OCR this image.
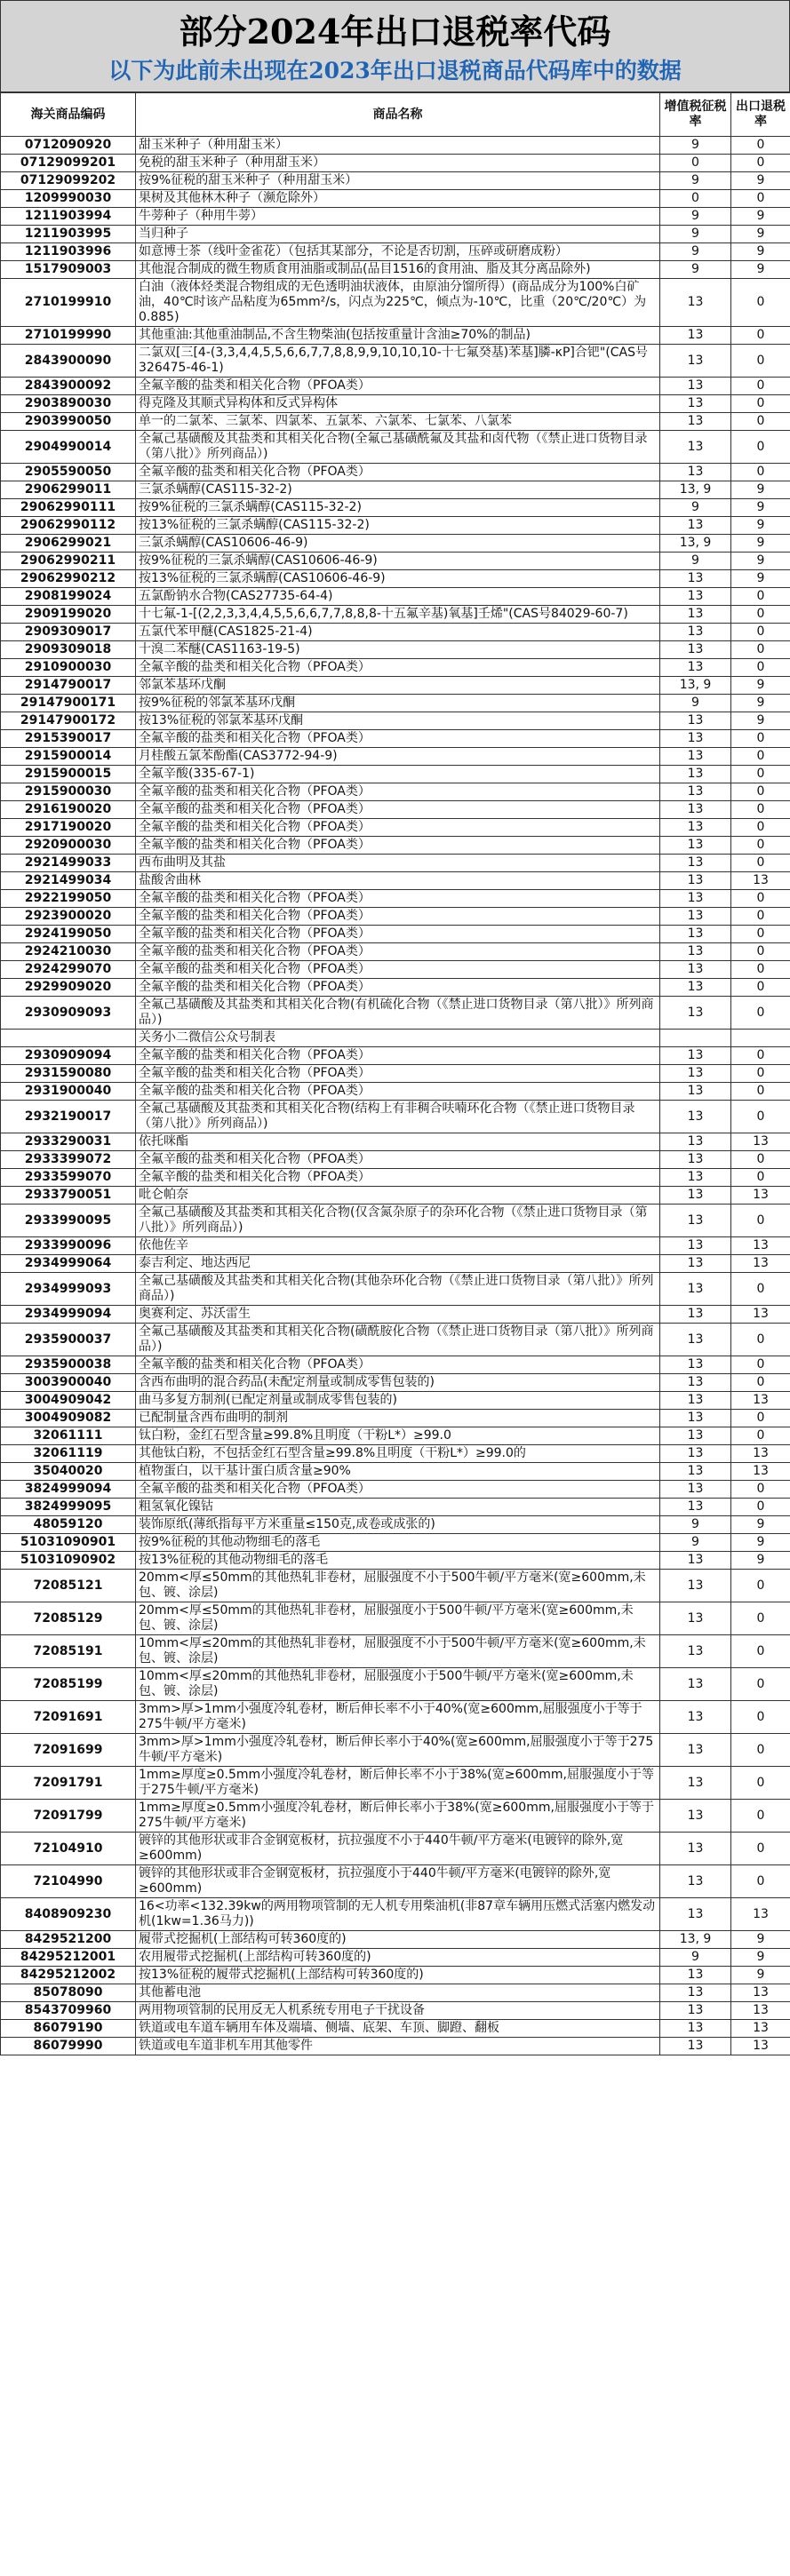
部分2024年出口退税率代码
以下为此前未出现在2023年出口退税商品代码库中的数据
海关商品编码	商品名称	增值税征税率	出口退税率
0712090920	甜玉米种子（种用甜玉米）	9	0
07129099201	免税的甜玉米种子（种用甜玉米）	0	0
07129099202	按9%征税的甜玉米种子（种用甜玉米）	9	9
1209990030	果树及其他林木种子（濒危除外）	0	0
1211903994	牛蒡种子（种用牛蒡）	9	9
1211903995	当归种子	9	9
1211903996	如意博士茶（线叶金雀花）（包括其某部分，不论是否切割，压碎或研磨成粉）	9	9
1517909003	其他混合制成的微生物质食用油脂或制品(品目1516的食用油、脂及其分离品除外)	9	9
2710199910	白油（液体烃类混合物组成的无色透明油状液体，由原油分馏所得）(商品成分为100%白矿油，40℃时该产品粘度为65mm²/s，闪点为225℃，倾点为-10℃，比重（20℃/20℃）为0.885)	13	0
2710199990	其他重油:其他重油制品,不含生物柴油(包括按重量计含油≥70%的制品)	13	0
2843900090	二氯双[三[4-(3,3,4,4,5,5,6,6,7,7,8,8,9,9,10,10,10-十七氟癸基)苯基]膦-κP]合钯"(CAS号326475-46-1)	13	0
2843900092	全氟辛酸的盐类和相关化合物（PFOA类）	13	0
2903890030	得克隆及其顺式异构体和反式异构体	13	0
2903990050	单一的二氯苯、三氯苯、四氯苯、五氯苯、六氯苯、七氯苯、八氯苯	13	0
2904990014	全氟己基磺酸及其盐类和其相关化合物(全氟己基磺酰氟及其盐和卤代物（《禁止进口货物目录（第八批）》所列商品）)	13	0
2905590050	全氟辛酸的盐类和相关化合物（PFOA类）	13	0
2906299011	三氯杀螨醇(CAS115-32-2)	13, 9	9
29062990111	按9%征税的三氯杀螨醇(CAS115-32-2)	9	9
29062990112	按13%征税的三氯杀螨醇(CAS115-32-2)	13	9
2906299021	三氯杀螨醇(CAS10606-46-9)	13, 9	9
29062990211	按9%征税的三氯杀螨醇(CAS10606-46-9)	9	9
29062990212	按13%征税的三氯杀螨醇(CAS10606-46-9)	13	9
2908199024	五氯酚钠水合物(CAS27735-64-4)	13	0
2909199020	十七氟-1-[(2,2,3,3,4,4,5,5,6,6,7,7,8,8,8-十五氟辛基)氧基]壬烯"(CAS号84029-60-7)	13	0
2909309017	五氯代苯甲醚(CAS1825-21-4)	13	0
2909309018	十溴二苯醚(CAS1163-19-5)	13	0
2910900030	全氟辛酸的盐类和相关化合物（PFOA类）	13	0
2914790017	邻氯苯基环戊酮	13, 9	9
29147900171	按9%征税的邻氯苯基环戊酮	9	9
29147900172	按13%征税的邻氯苯基环戊酮	13	9
2915390017	全氟辛酸的盐类和相关化合物（PFOA类）	13	0
2915900014	月桂酸五氯苯酚酯(CAS3772-94-9)	13	0
2915900015	全氟辛酸(335-67-1)	13	0
2915900030	全氟辛酸的盐类和相关化合物（PFOA类）	13	0
2916190020	全氟辛酸的盐类和相关化合物（PFOA类）	13	0
2917190020	全氟辛酸的盐类和相关化合物（PFOA类）	13	0
2920900030	全氟辛酸的盐类和相关化合物（PFOA类）	13	0
2921499033	西布曲明及其盐	13	0
2921499034	盐酸舍曲林	13	13
2922199050	全氟辛酸的盐类和相关化合物（PFOA类）	13	0
2923900020	全氟辛酸的盐类和相关化合物（PFOA类）	13	0
2924199050	全氟辛酸的盐类和相关化合物（PFOA类）	13	0
2924210030	全氟辛酸的盐类和相关化合物（PFOA类）	13	0
2924299070	全氟辛酸的盐类和相关化合物（PFOA类）	13	0
2929909020	全氟辛酸的盐类和相关化合物（PFOA类）	13	0
2930909093	全氟己基磺酸及其盐类和其相关化合物(有机硫化合物（《禁止进口货物目录（第八批）》所列商品）)	13	0
	关务小二微信公众号制表		
2930909094	全氟辛酸的盐类和相关化合物（PFOA类）	13	0
2931590080	全氟辛酸的盐类和相关化合物（PFOA类）	13	0
2931900040	全氟辛酸的盐类和相关化合物（PFOA类）	13	0
2932190017	全氟己基磺酸及其盐类和其相关化合物(结构上有非稠合呋喃环化合物（《禁止进口货物目录（第八批）》所列商品）)	13	0
2933290031	依托咪酯	13	13
2933399072	全氟辛酸的盐类和相关化合物（PFOA类）	13	0
2933599070	全氟辛酸的盐类和相关化合物（PFOA类）	13	0
2933790051	吡仑帕奈	13	13
2933990095	全氟己基磺酸及其盐类和其相关化合物(仅含氮杂原子的杂环化合物（《禁止进口货物目录（第八批）》所列商品）)	13	0
2933990096	依他佐辛	13	13
2934999064	泰吉利定、地达西尼	13	13
2934999093	全氟己基磺酸及其盐类和其相关化合物(其他杂环化合物（《禁止进口货物目录（第八批）》所列商品）)	13	0
2934999094	奥赛利定、苏沃雷生	13	13
2935900037	全氟己基磺酸及其盐类和其相关化合物(磺酰胺化合物（《禁止进口货物目录（第八批）》所列商品）)	13	0
2935900038	全氟辛酸的盐类和相关化合物（PFOA类）	13	0
3003900040	含西布曲明的混合药品(未配定剂量或制成零售包装的)	13	0
3004909042	曲马多复方制剂(已配定剂量或制成零售包装的)	13	13
3004909082	已配制量含西布曲明的制剂	13	0
32061111	钛白粉，金红石型含量≥99.8%且明度（干粉L*）≥99.0	13	0
32061119	其他钛白粉，不包括金红石型含量≥99.8%且明度（干粉L*）≥99.0的	13	13
35040020	植物蛋白，以干基计蛋白质含量≥90%	13	13
3824999094	全氟辛酸的盐类和相关化合物（PFOA类）	13	0
3824999095	粗氢氧化镍钴	13	0
48059120	装饰原纸(薄纸指每平方米重量≤150克,成卷或成张的)	9	9
51031090901	按9%征税的其他动物细毛的落毛	9	9
51031090902	按13%征税的其他动物细毛的落毛	13	9
72085121	20mm<厚≤50mm的其他热轧非卷材，屈服强度不小于500牛顿/平方毫米(宽≥600mm,未包、镀、涂层)	13	0
72085129	20mm<厚≤50mm的其他热轧非卷材，屈服强度小于500牛顿/平方毫米(宽≥600mm,未包、镀、涂层)	13	0
72085191	10mm<厚≤20mm的其他热轧非卷材，屈服强度不小于500牛顿/平方毫米(宽≥600mm,未包、镀、涂层)	13	0
72085199	10mm<厚≤20mm的其他热轧非卷材，屈服强度小于500牛顿/平方毫米(宽≥600mm,未包、镀、涂层)	13	0
72091691	3mm>厚>1mm小强度冷轧卷材，断后伸长率不小于40%(宽≥600mm,屈服强度小于等于275牛顿/平方毫米)	13	0
72091699	3mm>厚>1mm小强度冷轧卷材，断后伸长率小于40%(宽≥600mm,屈服强度小于等于275牛顿/平方毫米)	13	0
72091791	1mm≥厚度≥0.5mm小强度冷轧卷材，断后伸长率不小于38%(宽≥600mm,屈服强度小于等于275牛顿/平方毫米)	13	0
72091799	1mm≥厚度≥0.5mm小强度冷轧卷材，断后伸长率小于38%(宽≥600mm,屈服强度小于等于275牛顿/平方毫米)	13	0
72104910	镀锌的其他形状或非合金钢宽板材，抗拉强度不小于440牛顿/平方毫米(电镀锌的除外,宽≥600mm)	13	0
72104990	镀锌的其他形状或非合金钢宽板材，抗拉强度小于440牛顿/平方毫米(电镀锌的除外,宽≥600mm)	13	0
8408909230	16<功率<132.39kw的两用物项管制的无人机专用柴油机(非87章车辆用压燃式活塞内燃发动机(1kw=1.36马力))	13	13
8429521200	履带式挖掘机(上部结构可转360度的)	13, 9	9
84295212001	农用履带式挖掘机(上部结构可转360度的)	9	9
84295212002	按13%征税的履带式挖掘机(上部结构可转360度的)	13	9
85078090	其他蓄电池	13	13
8543709960	两用物项管制的民用反无人机系统专用电子干扰设备	13	13
86079190	铁道或电车道车辆用车体及端墙、侧墙、底架、车顶、脚蹬、翻板	13	13
86079990	铁道或电车道非机车用其他零件	13	13
